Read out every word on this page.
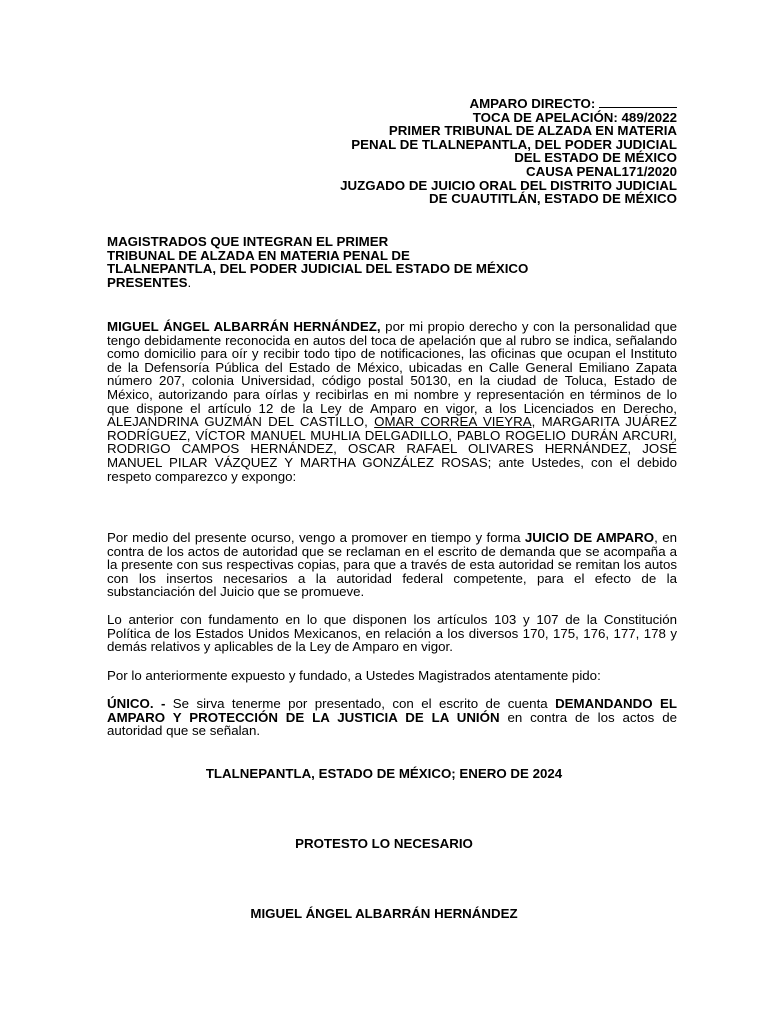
AMPARO DIRECTO:
TOCA DE APELACIÓN: 489/2022
PRIMER TRIBUNAL DE ALZADA EN MATERIA
PENAL DE TLALNEPANTLA, DEL PODER JUDICIAL
DEL ESTADO DE MÉXICO
CAUSA PENAL171/2020
JUZGADO DE JUICIO ORAL DEL DISTRITO JUDICIAL
DE CUAUTITLÁN, ESTADO DE MÉXICO
MAGISTRADOS QUE INTEGRAN EL PRIMER
TRIBUNAL DE ALZADA EN MATERIA PENAL DE
TLALNEPANTLA, DEL PODER JUDICIAL DEL ESTADO DE MÉXICO
PRESENTES.
MIGUEL ÁNGEL ALBARRÁN HERNÁNDEZ, por mi propio derecho y con la personalidad que tengo debidamente reconocida en autos del toca de apelación que al rubro se indica, señalando como domicilio para oír y recibir todo tipo de notificaciones, las oficinas que ocupan el Instituto de la Defensoría Pública del Estado de México, ubicadas en Calle General Emiliano Zapata número 207, colonia Universidad, código postal 50130, en la ciudad de Toluca, Estado de México, autorizando para oírlas y recibirlas en mi nombre y representación en términos de lo que dispone el artículo 12 de la Ley de Amparo en vigor, a los Licenciados en Derecho, ALEJANDRINA GUZMÁN DEL CASTILLO, OMAR CORREA VIEYRA, MARGARITA JUÁREZ RODRÍGUEZ, VÍCTOR MANUEL MUHLIA DELGADILLO, PABLO ROGELIO DURÁN ARCURI, RODRIGO CAMPOS HERNÁNDEZ, OSCAR RAFAEL OLIVARES HERNÁNDEZ, JOSÉ MANUEL PILAR VÁZQUEZ Y MARTHA GONZÁLEZ ROSAS; ante Ustedes, con el debido respeto comparezco y expongo:
Por medio del presente ocurso, vengo a promover en tiempo y forma JUICIO DE AMPARO, en contra de los actos de autoridad que se reclaman en el escrito de demanda que se acompaña a la presente con sus respectivas copias, para que a través de esta autoridad se remitan los autos con los insertos necesarios a la autoridad federal competente, para el efecto de la substanciación del Juicio que se promueve.
Lo anterior con fundamento en lo que disponen los artículos 103 y 107 de la Constitución Política de los Estados Unidos Mexicanos, en relación a los diversos 170, 175, 176, 177, 178 y demás relativos y aplicables de la Ley de Amparo en vigor.
Por lo anteriormente expuesto y fundado, a Ustedes Magistrados atentamente pido:
ÚNICO. - Se sirva tenerme por presentado, con el escrito de cuenta DEMANDANDO EL AMPARO Y PROTECCIÓN DE LA JUSTICIA DE LA UNIÓN en contra de los actos de autoridad que se señalan.
TLALNEPANTLA, ESTADO DE MÉXICO; ENERO DE 2024
PROTESTO LO NECESARIO
MIGUEL ÁNGEL ALBARRÁN HERNÁNDEZ
